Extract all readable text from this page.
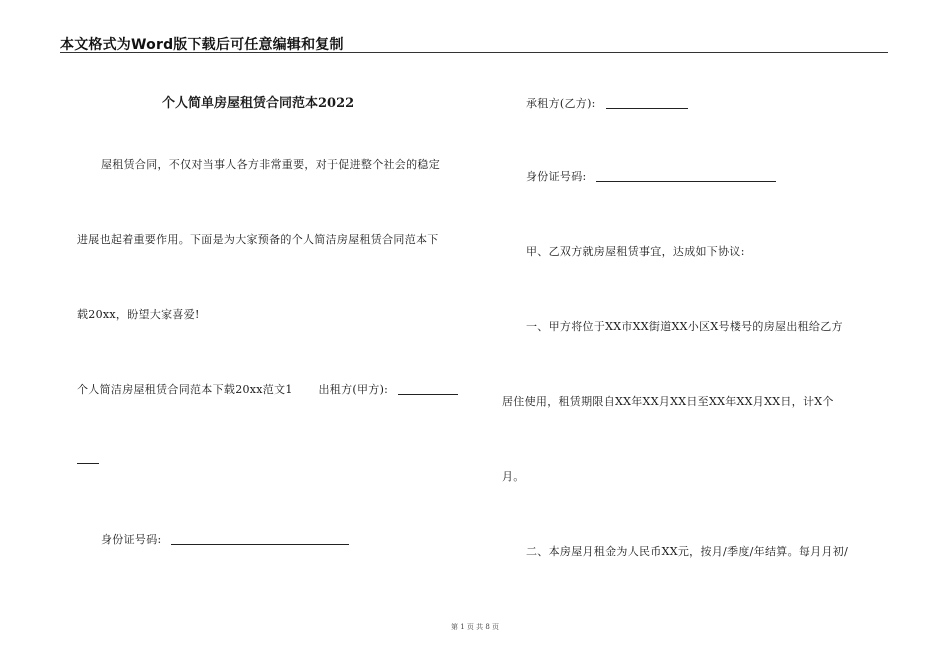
本文格式为Word版下载后可任意编辑和复制
个人简单房屋租赁合同范本2022
屋租赁合同，不仅对当事人各方非常重要，对于促进整个社会的稳定
进展也起着重要作用。下面是为大家预备的个人简洁房屋租赁合同范本下
载20xx，盼望大家喜爱!
个人简洁房屋租赁合同范本下载20xx范文1 出租方(甲方):
身份证号码:
承租方(乙方):
身份证号码:
甲、乙双方就房屋租赁事宜，达成如下协议:
一、甲方将位于XX市XX街道XX小区X号楼号的房屋出租给乙方
居住使用，租赁期限自XX年XX月XX日至XX年XX月XX日，计X个
月。
二、本房屋月租金为人民币XX元，按月/季度/年结算。每月月初/
第 1 页 共 8 页
